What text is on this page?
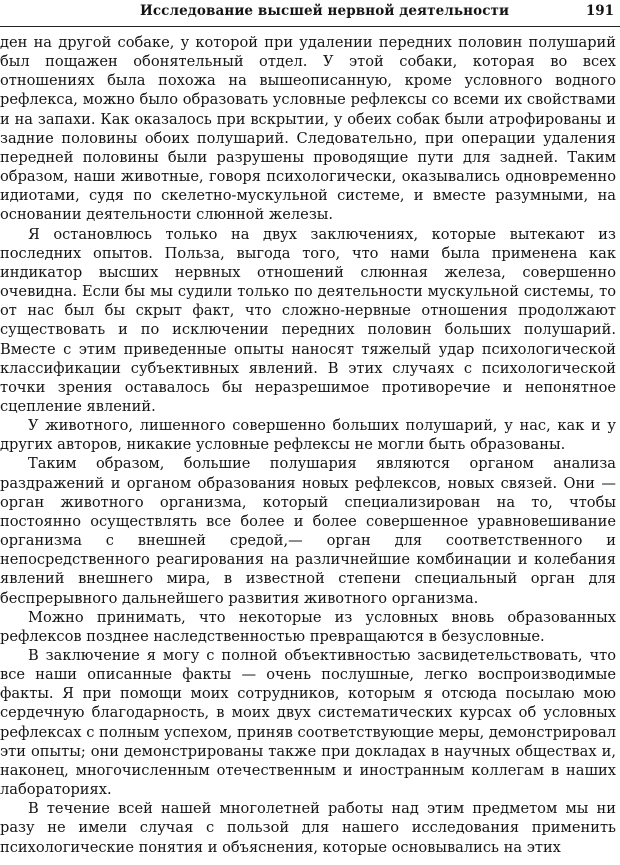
Исследование высшей нервной деятельности	191

ден на другой собаке, у которой при удалении передних половин полушарий был пощажен обонятельный отдел. У этой собаки, которая во всех отношениях была похожа на вышеописанную, кроме условного водного рефлекса, можно было образовать условные рефлексы со всеми их свойствами и на запахи. Как оказалось при вскрытии, у обеих собак были атрофированы и задние половины обоих полушарий. Следовательно, при операции удаления передней половины были разрушены проводящие пути для задней. Таким образом, наши животные, говоря психологически, оказывались одновременно идиотами, судя по скелетно-мускульной системе, и вместе разумными, на основании деятельности слюнной железы.

Я остановлюсь только на двух заключениях, которые вытекают из последних опытов. Польза, выгода того, что нами была применена как индикатор высших нервных отношений слюнная железа, совершенно очевидна. Если бы мы судили только по деятельности мускульной системы, то от нас был бы скрыт факт, что сложно-нервные отношения продолжают существовать и по исключении передних половин больших полушарий. Вместе с этим приведенные опыты наносят тяжелый удар психологической классификации субъективных явлений. В этих случаях с психологической точки зрения оставалось бы неразрешимое противоречие и непонятное сцепление явлений.

У животного, лишенного совершенно больших полушарий, у нас, как и у других авторов, никакие условные рефлексы не могли быть образованы.

Таким образом, большие полушария являются органом анализа раздражений и органом образования новых рефлексов, новых связей. Они — орган животного организма, который специализирован на то, чтобы постоянно осуществлять все более и более совершенное уравновешивание организма с внешней средой,— орган для соответственного и непосредственного реагирования на различнейшие комбинации и колебания явлений внешнего мира, в известной степени специальный орган для беспрерывного дальнейшего развития животного организма.

Можно принимать, что некоторые из условных вновь образованных рефлексов позднее наследственностью превращаются в безусловные.

В заключение я могу с полной объективностью засвидетельствовать, что все наши описанные факты — очень послушные, легко воспроизводимые факты. Я при помощи моих сотрудников, которым я отсюда посылаю мою сердечную благодарность, в моих двух систематических курсах об условных рефлексах с полным успехом, приняв соответствующие меры, демонстрировал эти опыты; они демонстрированы также при докладах в научных обществах и, наконец, многочисленным отечественным и иностранным коллегам в наших лабораториях.

В течение всей нашей многолетней работы над этим предметом мы ни разу не имели случая с пользой для нашего исследования применить психологические понятия и объяснения, которые основывались на этих
